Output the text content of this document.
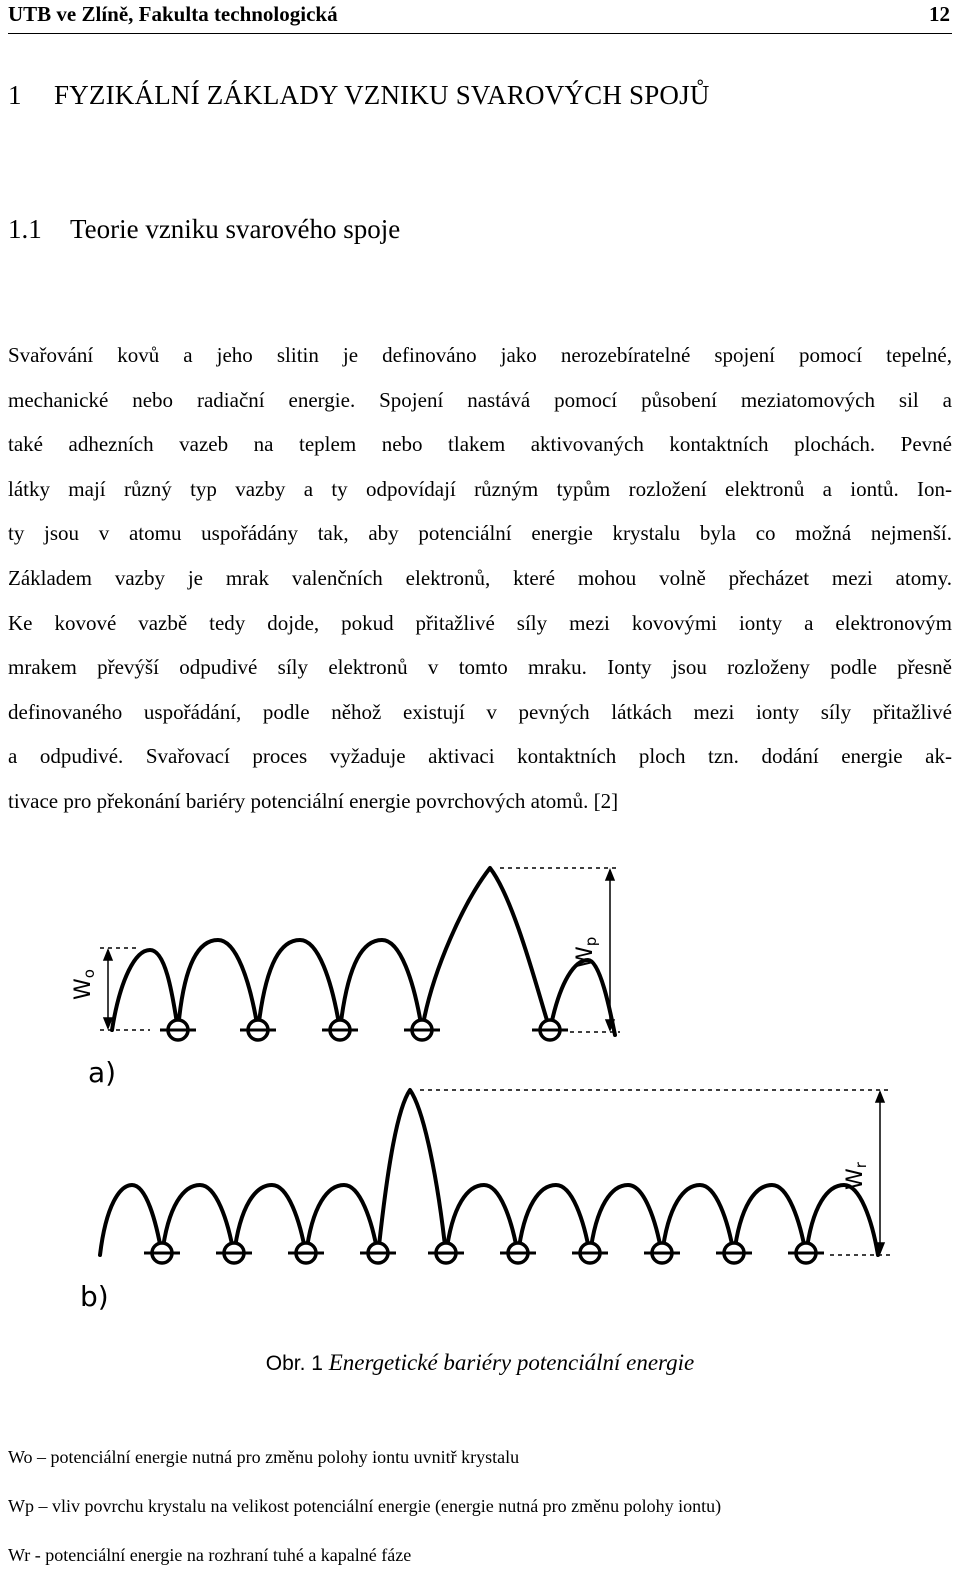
UTB ve Zlíně, Fakulta technologická	12
1 FYZIKÁLNÍ ZÁKLADY VZNIKU SVAROVÝCH SPOJŮ
1.1 Teorie vzniku svarového spoje
Svařování kovů a jeho slitin je definováno jako nerozebíratelné spojení pomocí tepelné,
mechanické nebo radiační energie. Spojení nastává pomocí působení meziatomových sil a
také adhezních vazeb na teplem nebo tlakem aktivovaných kontaktních plochách. Pevné
látky mají různý typ vazby a ty odpovídají různým typům rozložení elektronů a iontů. Ion-
ty jsou v atomu uspořádány tak, aby potenciální energie krystalu byla co možná nejmenší.
Základem vazby je mrak valenčních elektronů, které mohou volně přecházet mezi atomy.
Ke kovové vazbě tedy dojde, pokud přitažlivé síly mezi kovovými ionty a elektronovým
mrakem převýší odpudivé síly elektronů v tomto mraku. Ionty jsou rozloženy podle přesně
definovaného uspořádání, podle něhož existují v pevných látkách mezi ionty síly přitažlivé
a odpudivé. Svařovací proces vyžaduje aktivaci kontaktních ploch tzn. dodání energie ak-
tivace pro překonání bariéry potenciální energie povrchových atomů. [2]
Wo
Wp
Wr
a)
b)
Obr. 1 Energetické bariéry potenciální energie
Wo – potenciální energie nutná pro změnu polohy iontu uvnitř krystalu
Wp – vliv povrchu krystalu na velikost potenciální energie (energie nutná pro změnu polohy iontu)
Wr - potenciální energie na rozhraní tuhé a kapalné fáze
